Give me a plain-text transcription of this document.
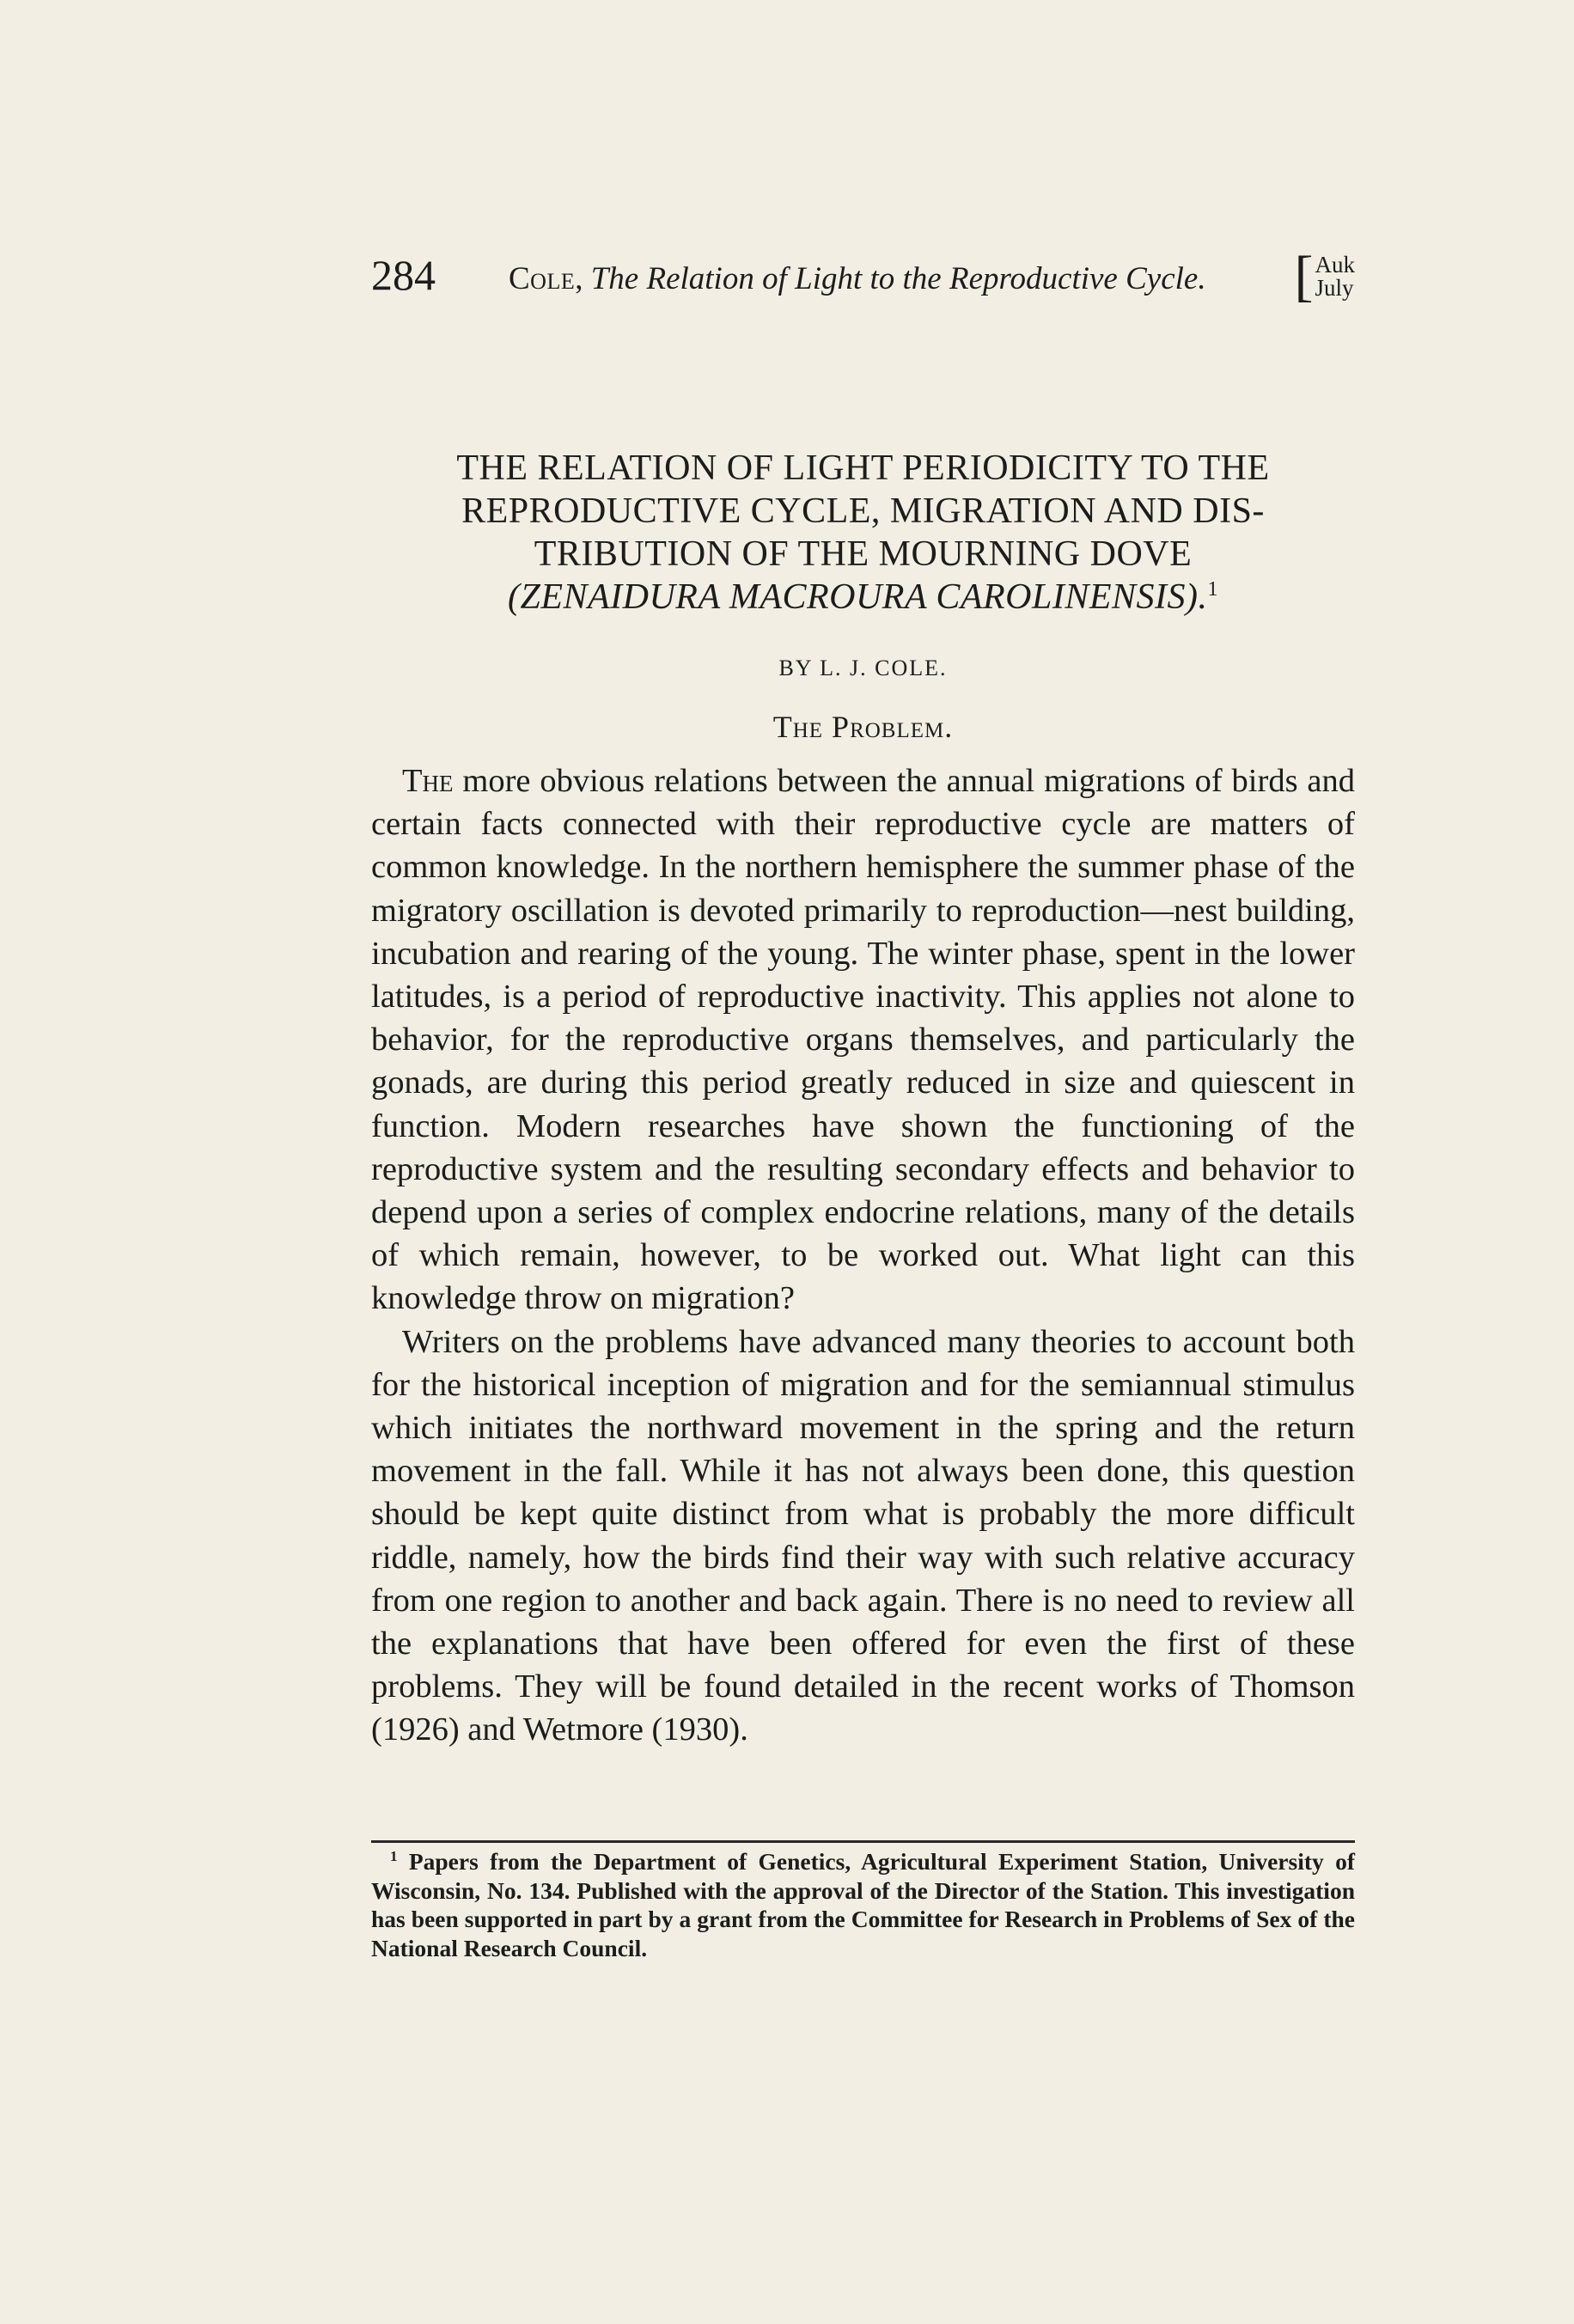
284 Cole, The Relation of Light to the Reproductive Cycle. [ Auk
July
THE RELATION OF LIGHT PERIODICITY TO THE
REPRODUCTIVE CYCLE, MIGRATION AND DIS-
TRIBUTION OF THE MOURNING DOVE
(ZENAIDURA MACROURA CAROLINENSIS).$^1$
BY L. J. COLE.
The Problem.

The more obvious relations between the annual migrations of birds and certain facts connected with their reproductive cycle are matters of common knowledge. In the northern hemisphere the summer phase of the migratory oscillation is devoted primarily to reproduction—nest building, incubation and rearing of the young. The winter phase, spent in the lower latitudes, is a period of reproductive inactivity. This applies not alone to behavior, for the reproductive organs themselves, and particularly the gonads, are during this period greatly reduced in size and quiescent in function. Modern researches have shown the functioning of the reproductive system and the resulting secondary effects and behavior to depend upon a series of complex endocrine relations, many of the details of which remain, however, to be worked out. What light can this knowledge throw on migration?

Writers on the problems have advanced many theories to account both for the historical inception of migration and for the semiannual stimulus which initiates the northward movement in the spring and the return movement in the fall. While it has not always been done, this question should be kept quite distinct from what is probably the more difficult riddle, namely, how the birds find their way with such relative accuracy from one region to another and back again. There is no need to review all the explanations that have been offered for even the first of these problems. They will be found detailed in the recent works of Thomson (1926) and Wetmore (1930).

$^1$ Papers from the Department of Genetics, Agricultural Experiment Station, University of Wisconsin, No. 134. Published with the approval of the Director of the Station. This investigation has been supported in part by a grant from the Committee for Research in Problems of Sex of the National Research Council.
